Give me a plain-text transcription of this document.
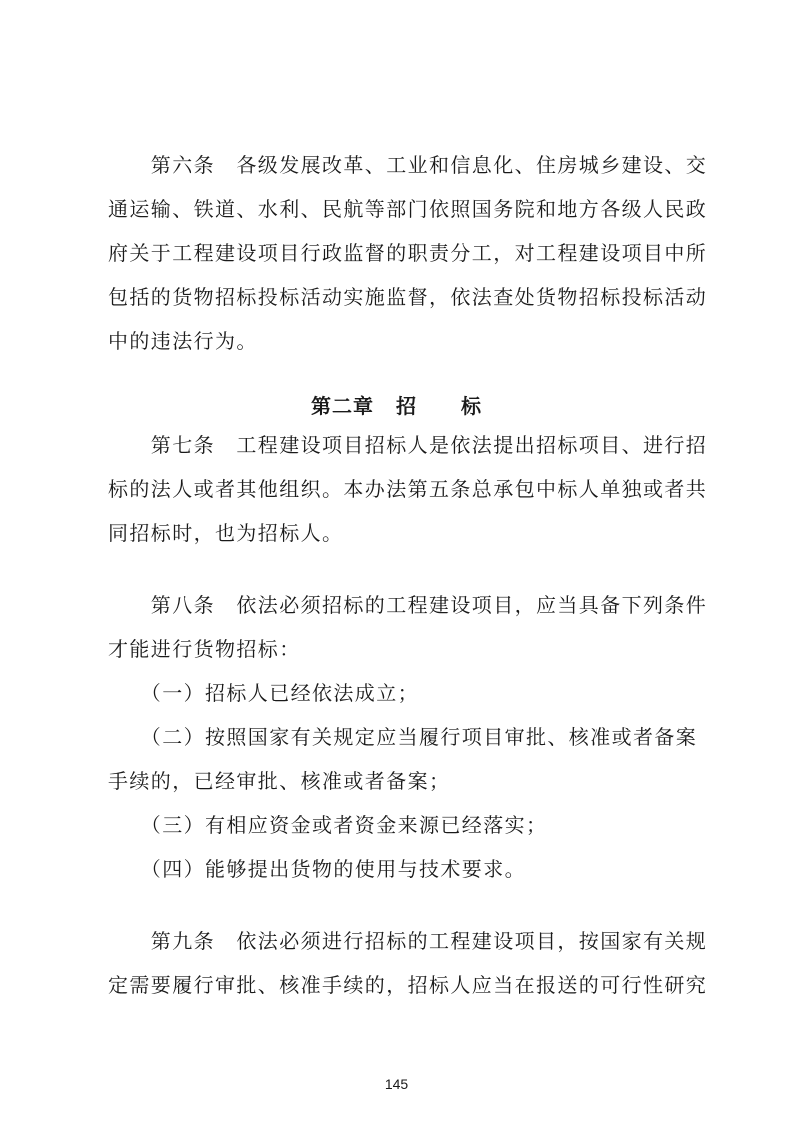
　　第六条　各级发展改革、工业和信息化、住房城乡建设、交
通运输、铁道、水利、民航等部门依照国务院和地方各级人民政
府关于工程建设项目行政监督的职责分工，对工程建设项目中所
包括的货物招标投标活动实施监督，依法查处货物招标投标活动
中的违法行为。
第二章 招 标
　　第七条　工程建设项目招标人是依法提出招标项目、进行招
标的法人或者其他组织。本办法第五条总承包中标人单独或者共
同招标时，也为招标人。
　　第八条　依法必须招标的工程建设项目，应当具备下列条件
才能进行货物招标：
　　（一）招标人已经依法成立；
　　（二）按照国家有关规定应当履行项目审批、核准或者备案
手续的，已经审批、核准或者备案；
　　（三）有相应资金或者资金来源已经落实；
　　（四）能够提出货物的使用与技术要求。
　　第九条　依法必须进行招标的工程建设项目，按国家有关规
定需要履行审批、核准手续的，招标人应当在报送的可行性研究
145
